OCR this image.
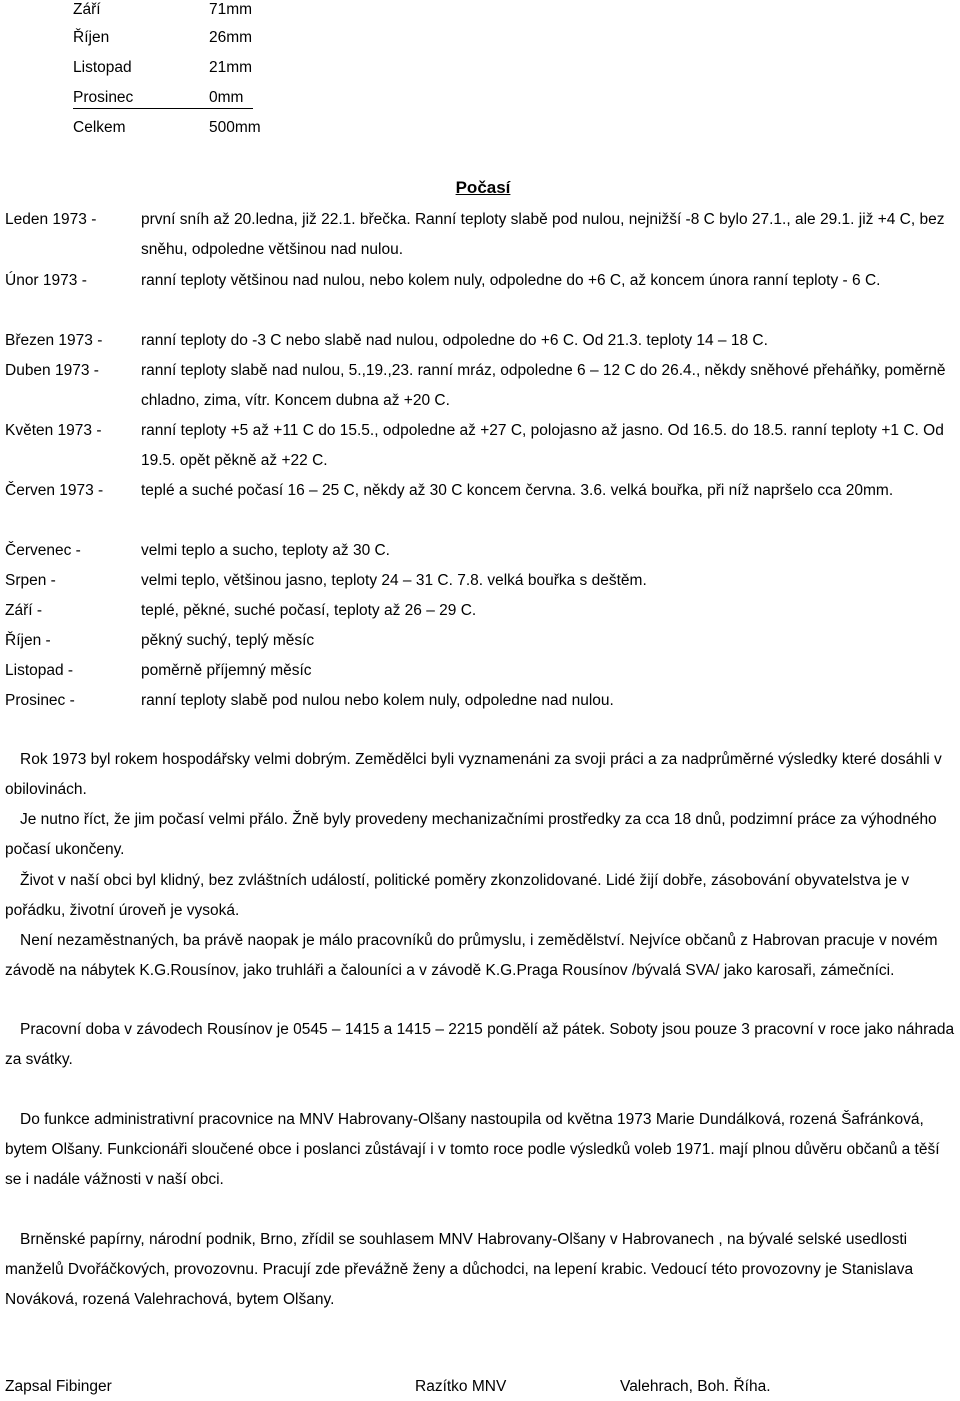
Září	71mm
Říjen	26mm
Listopad	21mm
Prosinec	0mm
Celkem	500mm
Počasí
Leden 1973 -	první sníh až 20.ledna, již 22.1. břečka. Ranní teploty slabě pod nulou, nejnižší -8 C bylo 27.1., ale 29.1. již +4 C, bez sněhu, odpoledne většinou nad nulou.
Únor 1973 -	ranní teploty většinou nad nulou, nebo kolem nuly, odpoledne do +6 C, až koncem února ranní teploty - 6 C.
Březen 1973 - ranní teploty do -3 C nebo slabě nad nulou, odpoledne do +6 C. Od 21.3. teploty 14 – 18 C.
Duben 1973 -	ranní teploty slabě nad nulou, 5.,19.,23. ranní mráz, odpoledne 6 – 12 C do 26.4., někdy sněhové přeháňky, poměrně chladno, zima, vítr. Koncem dubna až +20 C.
Květen 1973 -	ranní teploty +5 až +11 C do 15.5., odpoledne až +27 C, polojasno až jasno. Od 16.5. do 18.5. ranní teploty +1 C. Od 19.5. opět pěkně až +22 C.
Červen 1973 - teplé a suché počasí 16 – 25 C, někdy až 30 C koncem června. 3.6. velká bouřka, při níž napršelo cca 20mm.
Červenec -	velmi teplo a sucho, teploty až 30 C.
Srpen -	velmi teplo, většinou jasno, teploty 24 – 31 C. 7.8. velká bouřka s deštěm.
Září -	teplé, pěkné, suché počasí, teploty až 26 – 29 C.
Říjen -	pěkný suchý, teplý měsíc
Listopad -	poměrně příjemný měsíc
Prosinec -	ranní teploty slabě pod nulou nebo kolem nuly, odpoledne nad nulou.
Rok 1973 byl rokem hospodářsky velmi dobrým. Zemědělci byli vyznamenáni za svoji práci a za nadprůměrné výsledky které dosáhli v obilovinách.
Je nutno říct, že jim počasí velmi přálo. Žně byly provedeny mechanizačními prostředky za cca 18 dnů, podzimní práce za výhodného počasí ukončeny.
Život v naší obci byl klidný, bez zvláštních událostí, politické poměry zkonzolidované. Lidé žijí dobře, zásobování obyvatelstva je v pořádku, životní úroveň je vysoká.
Není nezaměstnaných, ba právě naopak je málo pracovníků do průmyslu, i zemědělství. Nejvíce občanů z Habrovan pracuje v novém závodě na nábytek K.G.Rousínov, jako truhláři a čalouníci a v závodě K.G.Praga Rousínov /bývalá SVA/ jako karosaři, zámečníci.
Pracovní doba v závodech Rousínov je 0545 – 1415 a 1415 – 2215 pondělí až pátek. Soboty jsou pouze 3 pracovní v roce jako náhrada za svátky.
Do funkce administrativní pracovnice na MNV Habrovany-Olšany nastoupila od května 1973 Marie Dundálková, rozená Šafránková, bytem Olšany. Funkcionáři sloučené obce i poslanci zůstávají i v tomto roce podle výsledků voleb 1971. mají plnou důvěru občanů a těší se i nadále vážnosti v naší obci.
Brněnské papírny, národní podnik, Brno, zřídil se souhlasem MNV Habrovany-Olšany v Habrovanech , na bývalé selské usedlosti manželů Dvořáčkových, provozovnu. Pracují zde převážně ženy a důchodci, na lepení krabic. Vedoucí této provozovny je Stanislava Nováková, rozená Valehrachová, bytem Olšany.
Zapsal Fibinger	Razítko MNV	Valehrach, Boh. Říha.
